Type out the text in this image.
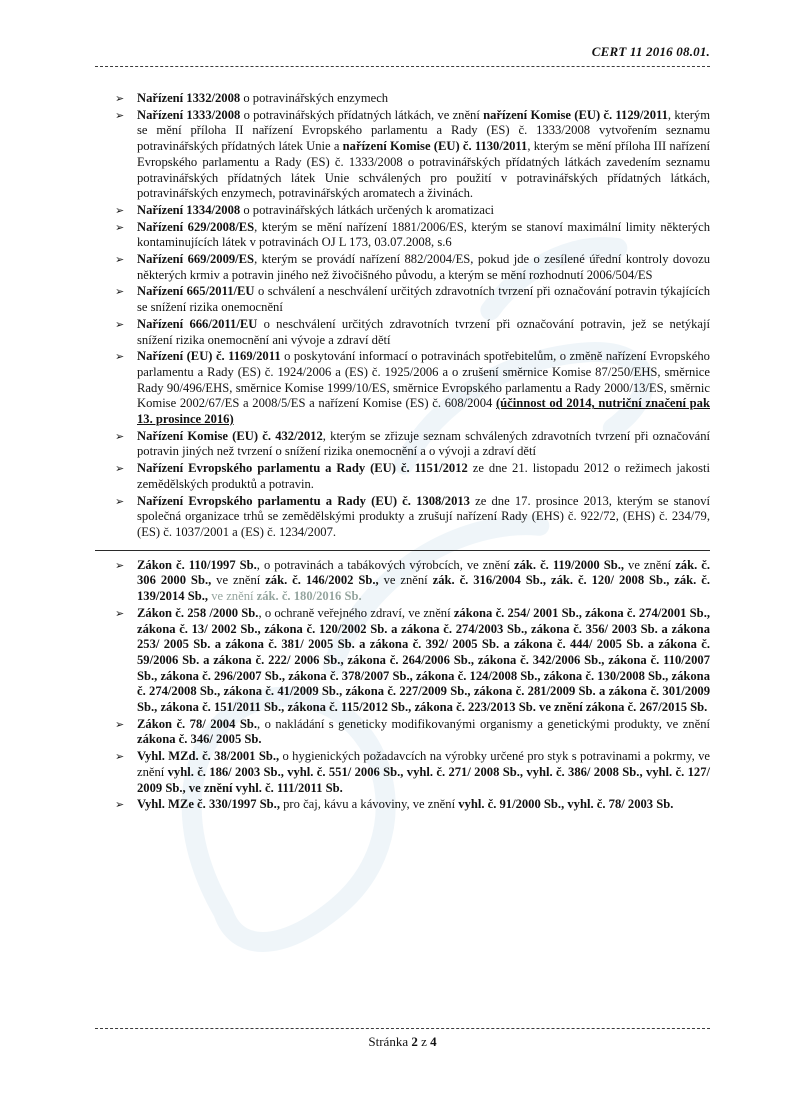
CERT 11 2016 08.01.
➢ Nařízení 1332/2008 o potravinářských enzymech
➢ Nařízení 1333/2008 o potravinářských přídatných látkách, ve znění nařízení Komise (EU) č. 1129/2011, kterým se mění příloha II nařízení Evropského parlamentu a Rady (ES) č. 1333/2008 vytvořením seznamu potravinářských přídatných látek Unie a nařízení Komise (EU) č. 1130/2011, kterým se mění příloha III nařízení Evropského parlamentu a Rady (ES) č. 1333/2008 o potravinářských přídatných látkách zavedením seznamu potravinářských přídatných látek Unie schválených pro použití v potravinářských přídatných látkách, potravinářských enzymech, potravinářských aromatech a živinách.
➢ Nařízení 1334/2008 o potravinářských látkách určených k aromatizaci
➢ Nařízení 629/2008/ES, kterým se mění nařízení 1881/2006/ES, kterým se stanoví maximální limity některých kontaminujících látek v potravinách OJ L 173, 03.07.2008, s.6
➢ Nařízení 669/2009/ES, kterým se provádí nařízení 882/2004/ES, pokud jde o zesílené úřední kontroly dovozu některých krmiv a potravin jiného než živočišného původu, a kterým se mění rozhodnutí 2006/504/ES
➢ Nařízení 665/2011/EU o schválení a neschválení určitých zdravotních tvrzení při označování potravin týkajících se snížení rizika onemocnění
➢ Nařízení 666/2011/EU o neschválení určitých zdravotních tvrzení při označování potravin, jež se netýkají snížení rizika onemocnění ani vývoje a zdraví dětí
➢ Nařízení (EU) č. 1169/2011 o poskytování informací o potravinách spotřebitelům, o změně nařízení Evropského parlamentu a Rady (ES) č. 1924/2006 a (ES) č. 1925/2006 a o zrušení směrnice Komise 87/250/EHS, směrnice Rady 90/496/EHS, směrnice Komise 1999/10/ES, směrnice Evropského parlamentu a Rady 2000/13/ES, směrnic Komise 2002/67/ES a 2008/5/ES a nařízení Komise (ES) č. 608/2004 (účinnost od 2014, nutriční značení pak 13. prosince 2016)
➢ Nařízení Komise (EU) č. 432/2012, kterým se zřizuje seznam schválených zdravotních tvrzení při označování potravin jiných než tvrzení o snížení rizika onemocnění a o vývoji a zdraví dětí
➢ Nařízení Evropského parlamentu a Rady (EU) č. 1151/2012 ze dne 21. listopadu 2012 o režimech jakosti zemědělských produktů a potravin.
➢ Nařízení Evropského parlamentu a Rady (EU) č. 1308/2013 ze dne 17. prosince 2013, kterým se stanoví společná organizace trhů se zemědělskými produkty a zrušují nařízení Rady (EHS) č. 922/72, (EHS) č. 234/79, (ES) č. 1037/2001 a (ES) č. 1234/2007.
➢ Zákon č. 110/1997 Sb., o potravinách a tabákových výrobcích, ve znění zák. č. 119/2000 Sb., ve znění zák. č. 306 2000 Sb., ve znění zák. č. 146/2002 Sb., ve znění zák. č. 316/2004 Sb., zák. č. 120/ 2008 Sb., zák. č. 139/2014 Sb., ve znění zák. č. 180/2016 Sb.
➢ Zákon č. 258 /2000 Sb., o ochraně veřejného zdraví, ve znění zákona č. 254/ 2001 Sb., zákona č. 274/2001 Sb., zákona č. 13/ 2002 Sb., zákona č. 120/2002 Sb. a zákona č. 274/2003 Sb., zákona č. 356/ 2003 Sb. a zákona 253/ 2005 Sb. a zákona č. 381/ 2005 Sb. a zákona č. 392/ 2005 Sb. a zákona č. 444/ 2005 Sb. a zákona č. 59/2006 Sb. a zákona č. 222/ 2006 Sb., zákona č. 264/2006 Sb., zákona č. 342/2006 Sb., zákona č. 110/2007 Sb., zákona č. 296/2007 Sb., zákona č. 378/2007 Sb., zákona č. 124/2008 Sb., zákona č. 130/2008 Sb., zákona č. 274/2008 Sb., zákona č. 41/2009 Sb., zákona č. 227/2009 Sb., zákona č. 281/2009 Sb. a zákona č. 301/2009 Sb., zákona č. 151/2011 Sb., zákona č. 115/2012 Sb., zákona č. 223/2013 Sb. ve znění zákona č. 267/2015 Sb.
➢ Zákon č. 78/ 2004 Sb., o nakládání s geneticky modifikovanými organismy a genetickými produkty, ve znění zákona č. 346/ 2005 Sb.
➢ Vyhl. MZd. č. 38/2001 Sb., o hygienických požadavcích na výrobky určené pro styk s potravinami a pokrmy, ve znění vyhl. č. 186/ 2003 Sb., vyhl. č. 551/ 2006 Sb., vyhl. č. 271/ 2008 Sb., vyhl. č. 386/ 2008 Sb., vyhl. č. 127/ 2009 Sb., ve znění vyhl. č. 111/2011 Sb.
➢ Vyhl. MZe č. 330/1997 Sb., pro čaj, kávu a kávoviny, ve znění vyhl. č. 91/2000 Sb., vyhl. č. 78/ 2003 Sb.
Stránka 2 z 4
